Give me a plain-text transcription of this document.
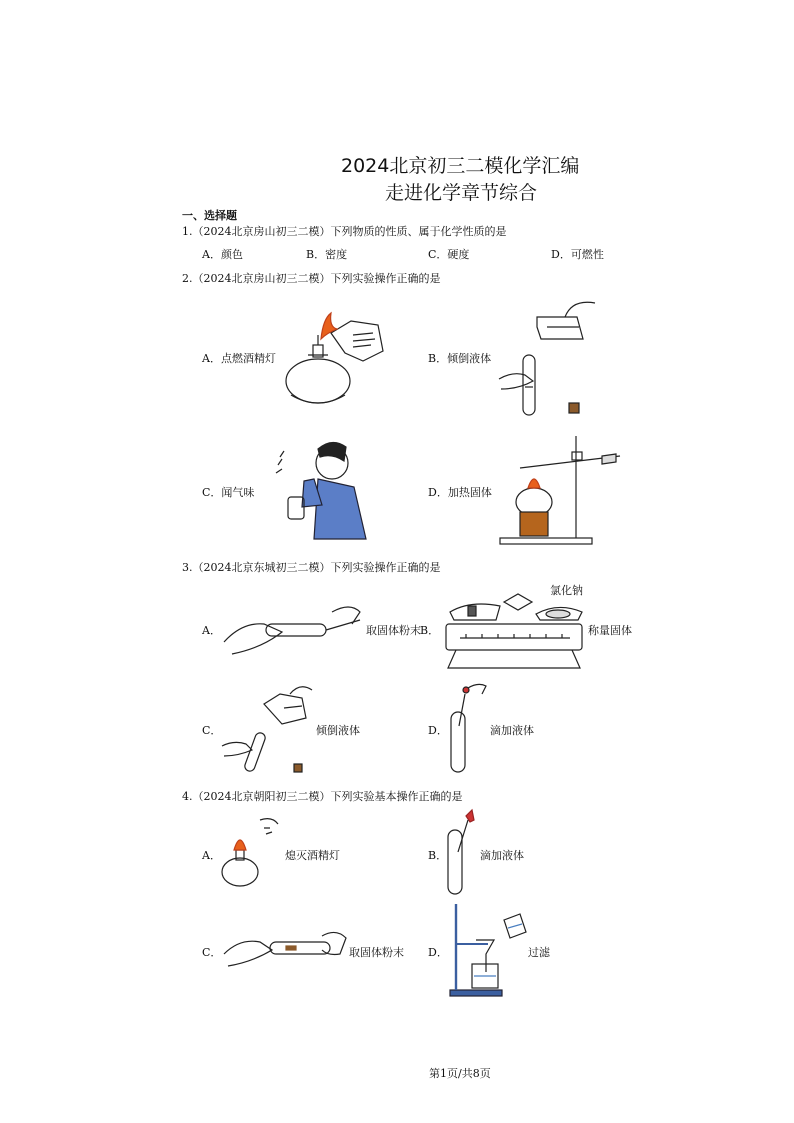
2024北京初三二模化学汇编
走进化学章节综合
一、选择题
1.（2024北京房山初三二模）下列物质的性质、属于化学性质的是
A．颜色	B．密度	C．硬度	D．可燃性
2.（2024北京房山初三二模）下列实验操作正确的是
A．点燃酒精灯	B．倾倒液体
C．闻气味	D．加热固体
3.（2024北京东城初三二模）下列实验操作正确的是
A．	取固体粉末 B．	称量固体
氯化钠
C．	倾倒液体	D．	滴加液体
4.（2024北京朝阳初三二模）下列实验基本操作正确的是
A．	熄灭酒精灯	B．	滴加液体
C．	取固体粉末 D．	过滤
第1页/共8页
